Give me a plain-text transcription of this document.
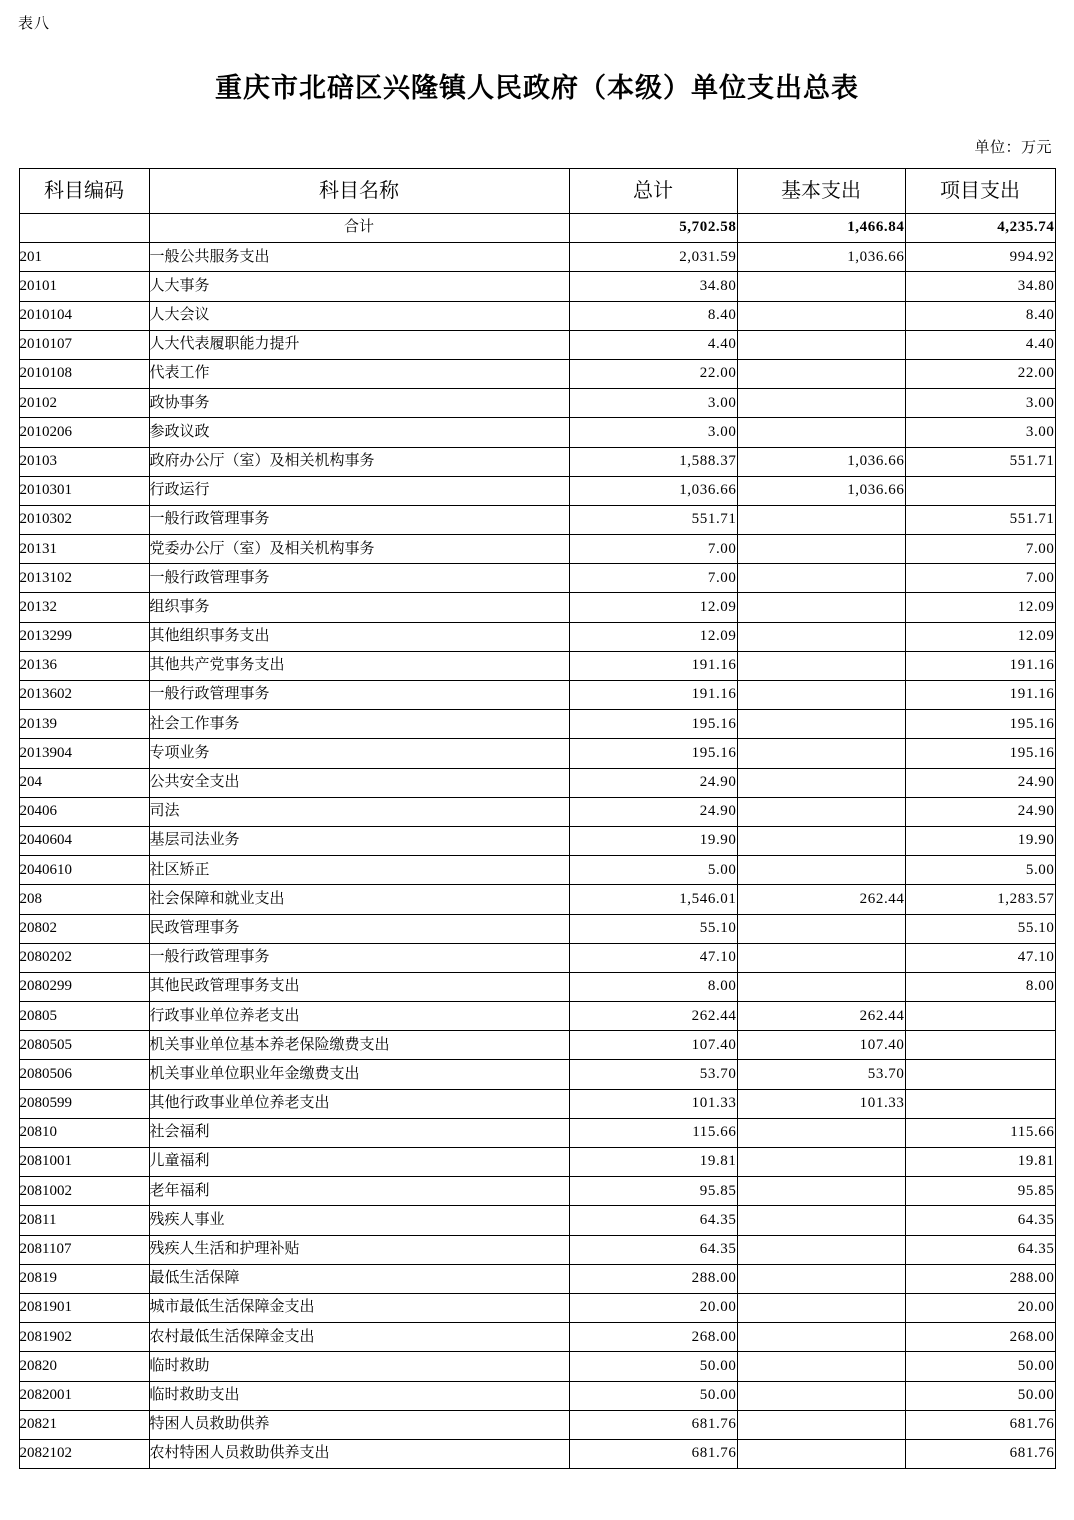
表八
重庆市北碚区兴隆镇人民政府（本级）单位支出总表
单位：万元
科目编码	科目名称	总计	基本支出	项目支出
	合计	5,702.58	1,466.84	4,235.74
201	一般公共服务支出	2,031.59	1,036.66	994.92
20101	人大事务	34.80		34.80
2010104	人大会议	8.40		8.40
2010107	人大代表履职能力提升	4.40		4.40
2010108	代表工作	22.00		22.00
20102	政协事务	3.00		3.00
2010206	参政议政	3.00		3.00
20103	政府办公厅（室）及相关机构事务	1,588.37	1,036.66	551.71
2010301	行政运行	1,036.66	1,036.66	
2010302	一般行政管理事务	551.71		551.71
20131	党委办公厅（室）及相关机构事务	7.00		7.00
2013102	一般行政管理事务	7.00		7.00
20132	组织事务	12.09		12.09
2013299	其他组织事务支出	12.09		12.09
20136	其他共产党事务支出	191.16		191.16
2013602	一般行政管理事务	191.16		191.16
20139	社会工作事务	195.16		195.16
2013904	专项业务	195.16		195.16
204	公共安全支出	24.90		24.90
20406	司法	24.90		24.90
2040604	基层司法业务	19.90		19.90
2040610	社区矫正	5.00		5.00
208	社会保障和就业支出	1,546.01	262.44	1,283.57
20802	民政管理事务	55.10		55.10
2080202	一般行政管理事务	47.10		47.10
2080299	其他民政管理事务支出	8.00		8.00
20805	行政事业单位养老支出	262.44	262.44	
2080505	机关事业单位基本养老保险缴费支出	107.40	107.40	
2080506	机关事业单位职业年金缴费支出	53.70	53.70	
2080599	其他行政事业单位养老支出	101.33	101.33	
20810	社会福利	115.66		115.66
2081001	儿童福利	19.81		19.81
2081002	老年福利	95.85		95.85
20811	残疾人事业	64.35		64.35
2081107	残疾人生活和护理补贴	64.35		64.35
20819	最低生活保障	288.00		288.00
2081901	城市最低生活保障金支出	20.00		20.00
2081902	农村最低生活保障金支出	268.00		268.00
20820	临时救助	50.00		50.00
2082001	临时救助支出	50.00		50.00
20821	特困人员救助供养	681.76		681.76
2082102	农村特困人员救助供养支出	681.76		681.76
